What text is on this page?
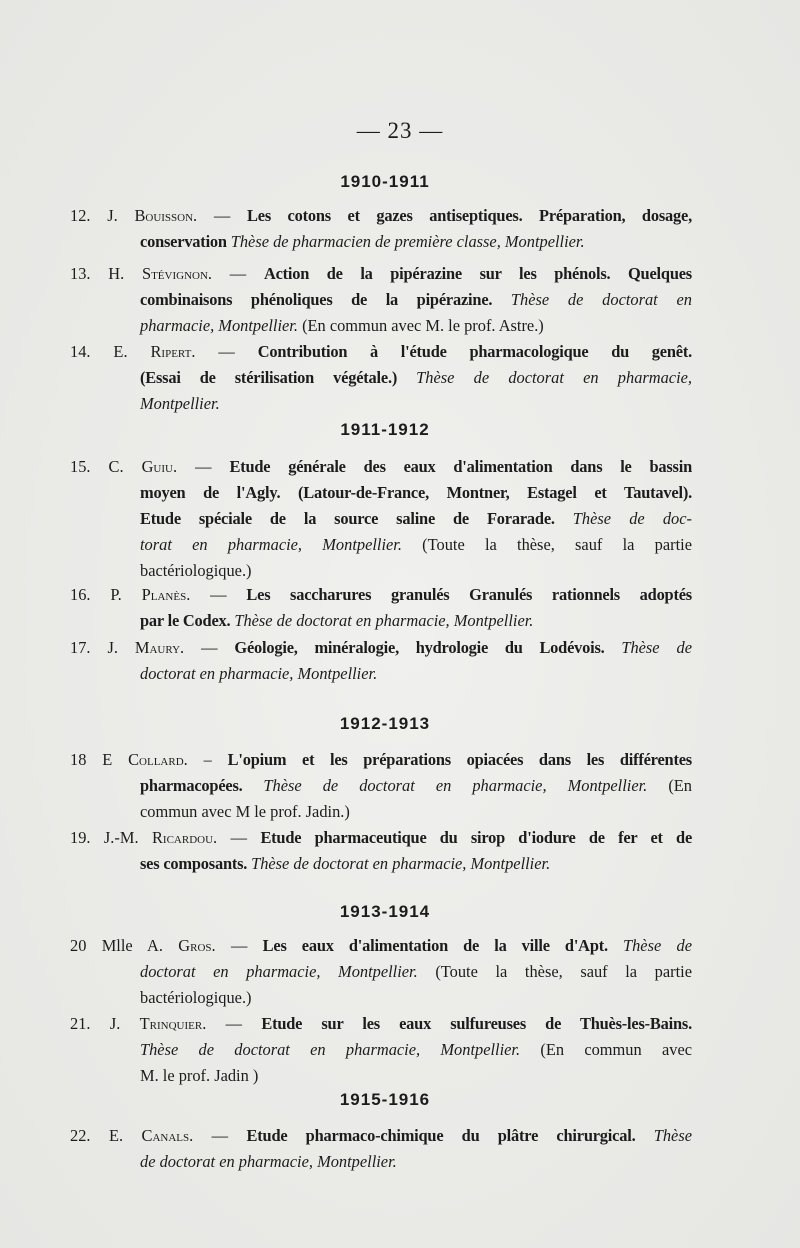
— 23 —
1910-1911
12. J. Bouisson. — Les cotons et gazes antiseptiques. Préparation, dosage,
conservation Thèse de pharmacien de première classe, Montpellier.
13. H. Stévignon. — Action de la pipérazine sur les phénols. Quelques
combinaisons phénoliques de la pipérazine. Thèse de doctorat en
pharmacie, Montpellier. (En commun avec M. le prof. Astre.)
14. E. Ripert. — Contribution à l'étude pharmacologique du genêt.
(Essai de stérilisation végétale.) Thèse de doctorat en pharmacie,
Montpellier.
1911-1912
15. C. Guiu. — Etude générale des eaux d'alimentation dans le bassin
moyen de l'Agly. (Latour-de-France, Montner, Estagel et Tautavel).
Etude spéciale de la source saline de Forarade. Thèse de doc-
torat en pharmacie, Montpellier. (Toute la thèse, sauf la partie
bactériologique.)
16. P. Planès. — Les saccharures granulés Granulés rationnels adoptés
par le Codex. Thèse de doctorat en pharmacie, Montpellier.
17. J. Maury. — Géologie, minéralogie, hydrologie du Lodévois. Thèse de
doctorat en pharmacie, Montpellier.
1912-1913
18 E Collard. – L'opium et les préparations opiacées dans les différentes
pharmacopées. Thèse de doctorat en pharmacie, Montpellier. (En
commun avec M le prof. Jadin.)
19. J.-M. Ricardou. — Etude pharmaceutique du sirop d'iodure de fer et de
ses composants. Thèse de doctorat en pharmacie, Montpellier.
1913-1914
20 Mlle A. Gros. — Les eaux d'alimentation de la ville d'Apt. Thèse de
doctorat en pharmacie, Montpellier. (Toute la thèse, sauf la partie
bactériologique.)
21. J. Trinquier. — Etude sur les eaux sulfureuses de Thuès-les-Bains.
Thèse de doctorat en pharmacie, Montpellier. (En commun avec
M. le prof. Jadin )
1915-1916
22. E. Canals. — Etude pharmaco-chimique du plâtre chirurgical. Thèse
de doctorat en pharmacie, Montpellier.
